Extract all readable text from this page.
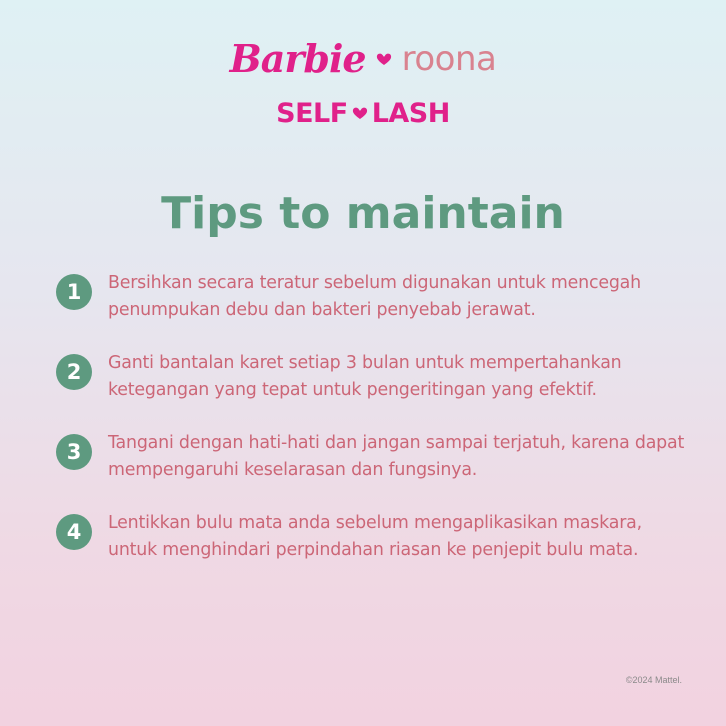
Barbie roona
SELF LASH
Tips to maintain
1	Bersihkan secara teratur sebelum digunakan untuk mencegah penumpukan debu dan bakteri penyebab jerawat.
2	Ganti bantalan karet setiap 3 bulan untuk mempertahankan ketegangan yang tepat untuk pengeritingan yang efektif.
3	Tangani dengan hati-hati dan jangan sampai terjatuh, karena dapat mempengaruhi keselarasan dan fungsinya.
4	Lentikkan bulu mata anda sebelum mengaplikasikan maskara, untuk menghindari perpindahan riasan ke penjepit bulu mata.
©2024 Mattel.
